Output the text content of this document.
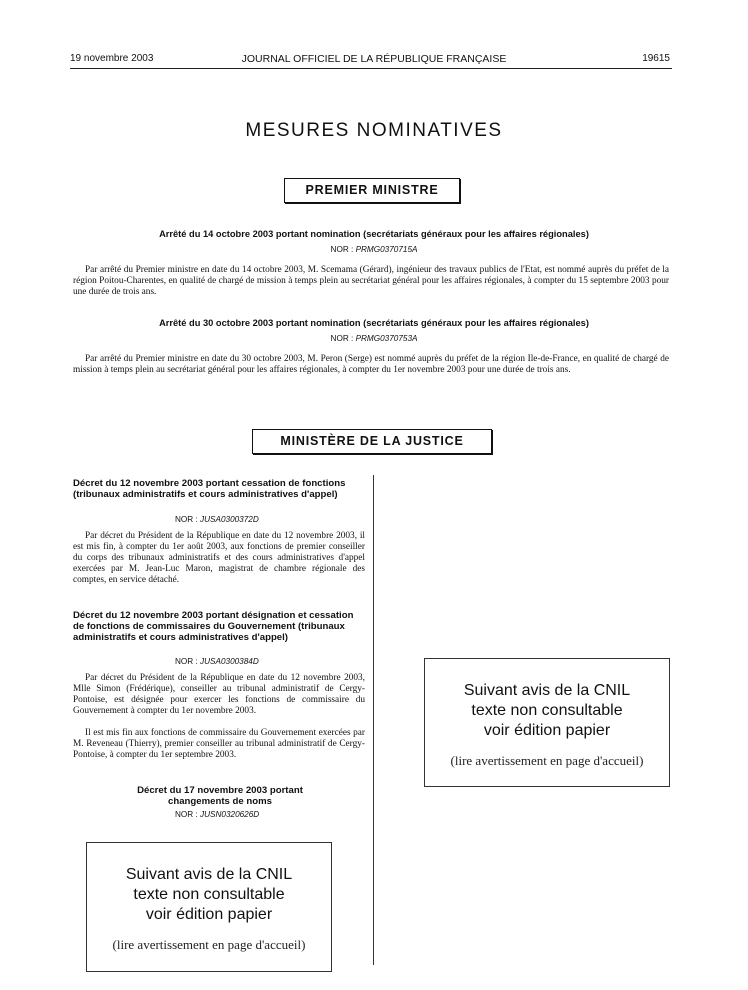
19 novembre 2003	JOURNAL OFFICIEL DE LA RÉPUBLIQUE FRANÇAISE	19615
MESURES NOMINATIVES
PREMIER MINISTRE
Arrêté du 14 octobre 2003 portant nomination (secrétariats généraux pour les affaires régionales)
NOR : PRMG0370715A
Par arrêté du Premier ministre en date du 14 octobre 2003, M. Scemama (Gérard), ingénieur des travaux publics de l'Etat, est nommé auprès du préfet de la région Poitou-Charentes, en qualité de chargé de mission à temps plein au secrétariat général pour les affaires régionales, à compter du 15 septembre 2003 pour une durée de trois ans.
Arrêté du 30 octobre 2003 portant nomination (secrétariats généraux pour les affaires régionales)
NOR : PRMG0370753A
Par arrêté du Premier ministre en date du 30 octobre 2003, M. Peron (Serge) est nommé auprès du préfet de la région Ile-de-France, en qualité de chargé de mission à temps plein au secrétariat général pour les affaires régionales, à compter du 1er novembre 2003 pour une durée de trois ans.
MINISTÈRE DE LA JUSTICE
Décret du 12 novembre 2003 portant cessation de fonctions (tribunaux administratifs et cours administratives d'appel)
NOR : JUSA0300372D
Par décret du Président de la République en date du 12 novembre 2003, il est mis fin, à compter du 1er août 2003, aux fonctions de premier conseiller du corps des tribunaux administratifs et des cours administratives d'appel exercées par M. Jean-Luc Maron, magistrat de chambre régionale des comptes, en service détaché.
Décret du 12 novembre 2003 portant désignation et cessation de fonctions de commissaires du Gouvernement (tribunaux administratifs et cours administratives d'appel)
NOR : JUSA0300384D
Par décret du Président de la République en date du 12 novembre 2003, Mlle Simon (Frédérique), conseiller au tribunal administratif de Cergy-Pontoise, est désignée pour exercer les fonctions de commissaire du Gouvernement à compter du 1er novembre 2003.
Il est mis fin aux fonctions de commissaire du Gouvernement exercées par M. Reveneau (Thierry), premier conseiller au tribunal administratif de Cergy-Pontoise, à compter du 1er septembre 2003.
Décret du 17 novembre 2003 portant changements de noms
NOR : JUSN0320626D
Suivant avis de la CNIL
texte non consultable
voir édition papier
(lire avertissement en page d'accueil)
Suivant avis de la CNIL
texte non consultable
voir édition papier
(lire avertissement en page d'accueil)
